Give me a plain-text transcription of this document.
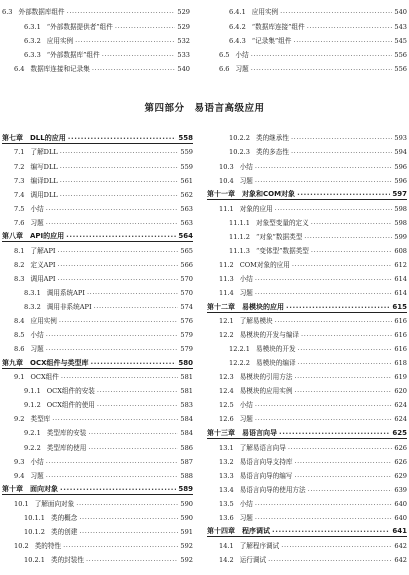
6.3 外部数据库组件 .....	529
6.3.1 “外部数据提供者”组件 .....	529
6.3.2 应用实例 .....	532
6.3.3 “外部数据库”组件 .....	533
6.4 数据库连接和记录集 .....	540
6.4.1 应用实例 .....	540
6.4.2 “数据库连接”组件 .....	543
6.4.3 “记录集”组件 .....	545
6.5 小结 .....	556
6.6 习题 .....	556
第四部分　易语言高级应用
第七章 DLL的应用 .....	558
7.1 了解DLL .....	559
7.2 编写DLL .....	559
7.3 编译DLL .....	561
7.4 调用DLL .....	562
7.5 小结 .....	563
7.6 习题 .....	563
第八章 API的应用 .....	564
8.1 了解API .....	565
8.2 定义API .....	566
8.3 调用API .....	570
8.3.1 调用系统API .....	570
8.3.2 调用非系统API .....	574
8.4 应用实例 .....	576
8.5 小结 .....	579
8.6 习题 .....	579
第九章 OCX组件与类型库 .....	580
9.1 OCX组件 .....	581
9.1.1 OCX组件的安装 .....	581
9.1.2 OCX组件的使用 .....	583
9.2 类型库 .....	584
9.2.1 类型库的安装 .....	584
9.2.2 类型库的使用 .....	586
9.3 小结 .....	587
9.4 习题 .....	588
第十章 面向对象 .....	589
10.1 了解面向对象 .....	590
10.1.1 类的概念 .....	590
10.1.2 类的创建 .....	591
10.2 类的特性 .....	592
10.2.1 类的封装性 .....	592
10.2.2 类的继承性 .....	593
10.2.3 类的多态性 .....	594
10.3 小结 .....	596
10.4 习题 .....	596
第十一章 对象和COM对象 .....	597
11.1 对象的应用 .....	598
11.1.1 对象型变量的定义 .....	598
11.1.2 “对象”数据类型 .....	599
11.1.3 “变体型”数据类型 .....	608
11.2 COM对象的应用 .....	612
11.3 小结 .....	614
11.4 习题 .....	614
第十二章 易模块的应用 .....	615
12.1 了解易模块 .....	616
12.2 易模块的开发与编译 .....	616
12.2.1 易模块的开发 .....	616
12.2.2 易模块的编译 .....	618
12.3 易模块的引用方法 .....	619
12.4 易模块的应用实例 .....	620
12.5 小结 .....	624
12.6 习题 .....	624
第十三章 易语言向导 .....	625
13.1 了解易语言向导 .....	626
13.2 易语言向导支持库 .....	626
13.3 易语言向导的编写 .....	629
13.4 易语言向导的使用方法 .....	639
13.5 小结 .....	640
13.6 习题 .....	640
第十四章 程序调试 .....	641
14.1 了解程序调试 .....	642
14.2 运行调试 .....	642
